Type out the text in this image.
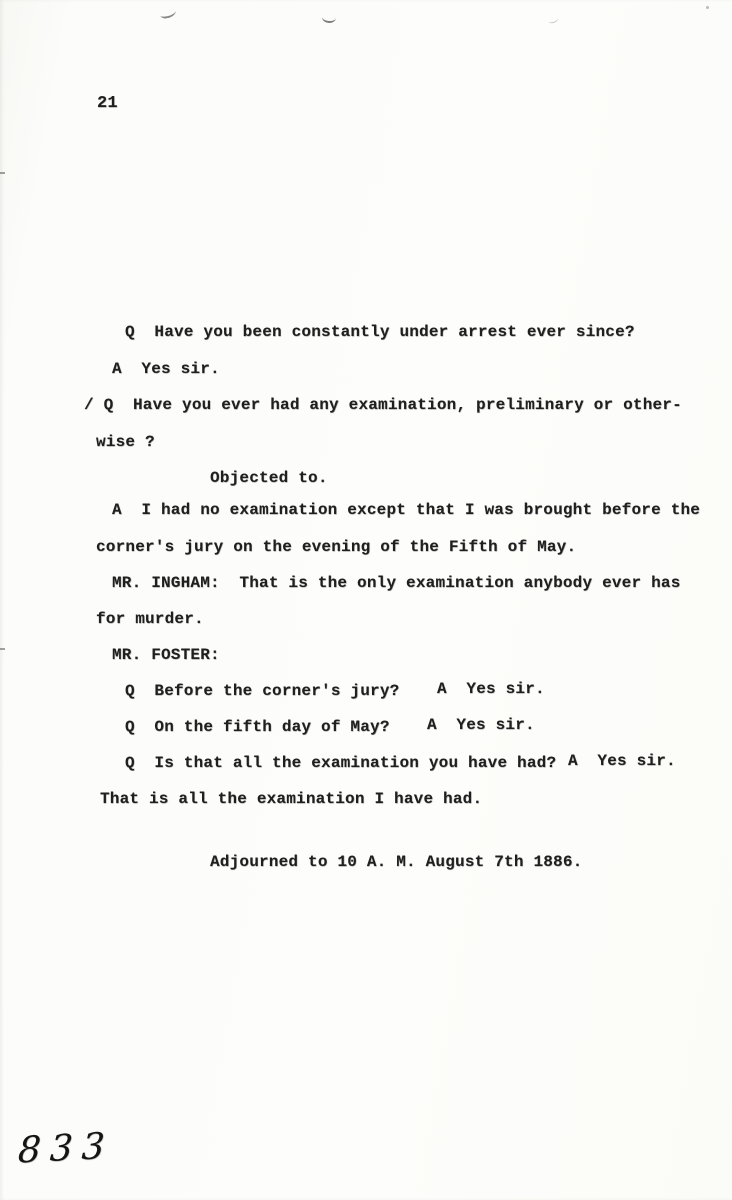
21
Q  Have you been constantly under arrest ever since?
A  Yes sir.
/ Q  Have you ever had any examination, preliminary or other-
wise ?
Objected to.
A  I had no examination except that I was brought before the
corner's jury on the evening of the Fifth of May.
MR. INGHAM:  That is the only examination anybody ever has
for murder.
MR. FOSTER:
Q  Before the corner's jury? A  Yes sir.
Q  On the fifth day of May? A  Yes sir.
Q  Is that all the examination you have had? A  Yes sir.
That is all the examination I have had.
Adjourned to 10 A. M. August 7th 1886.
833
